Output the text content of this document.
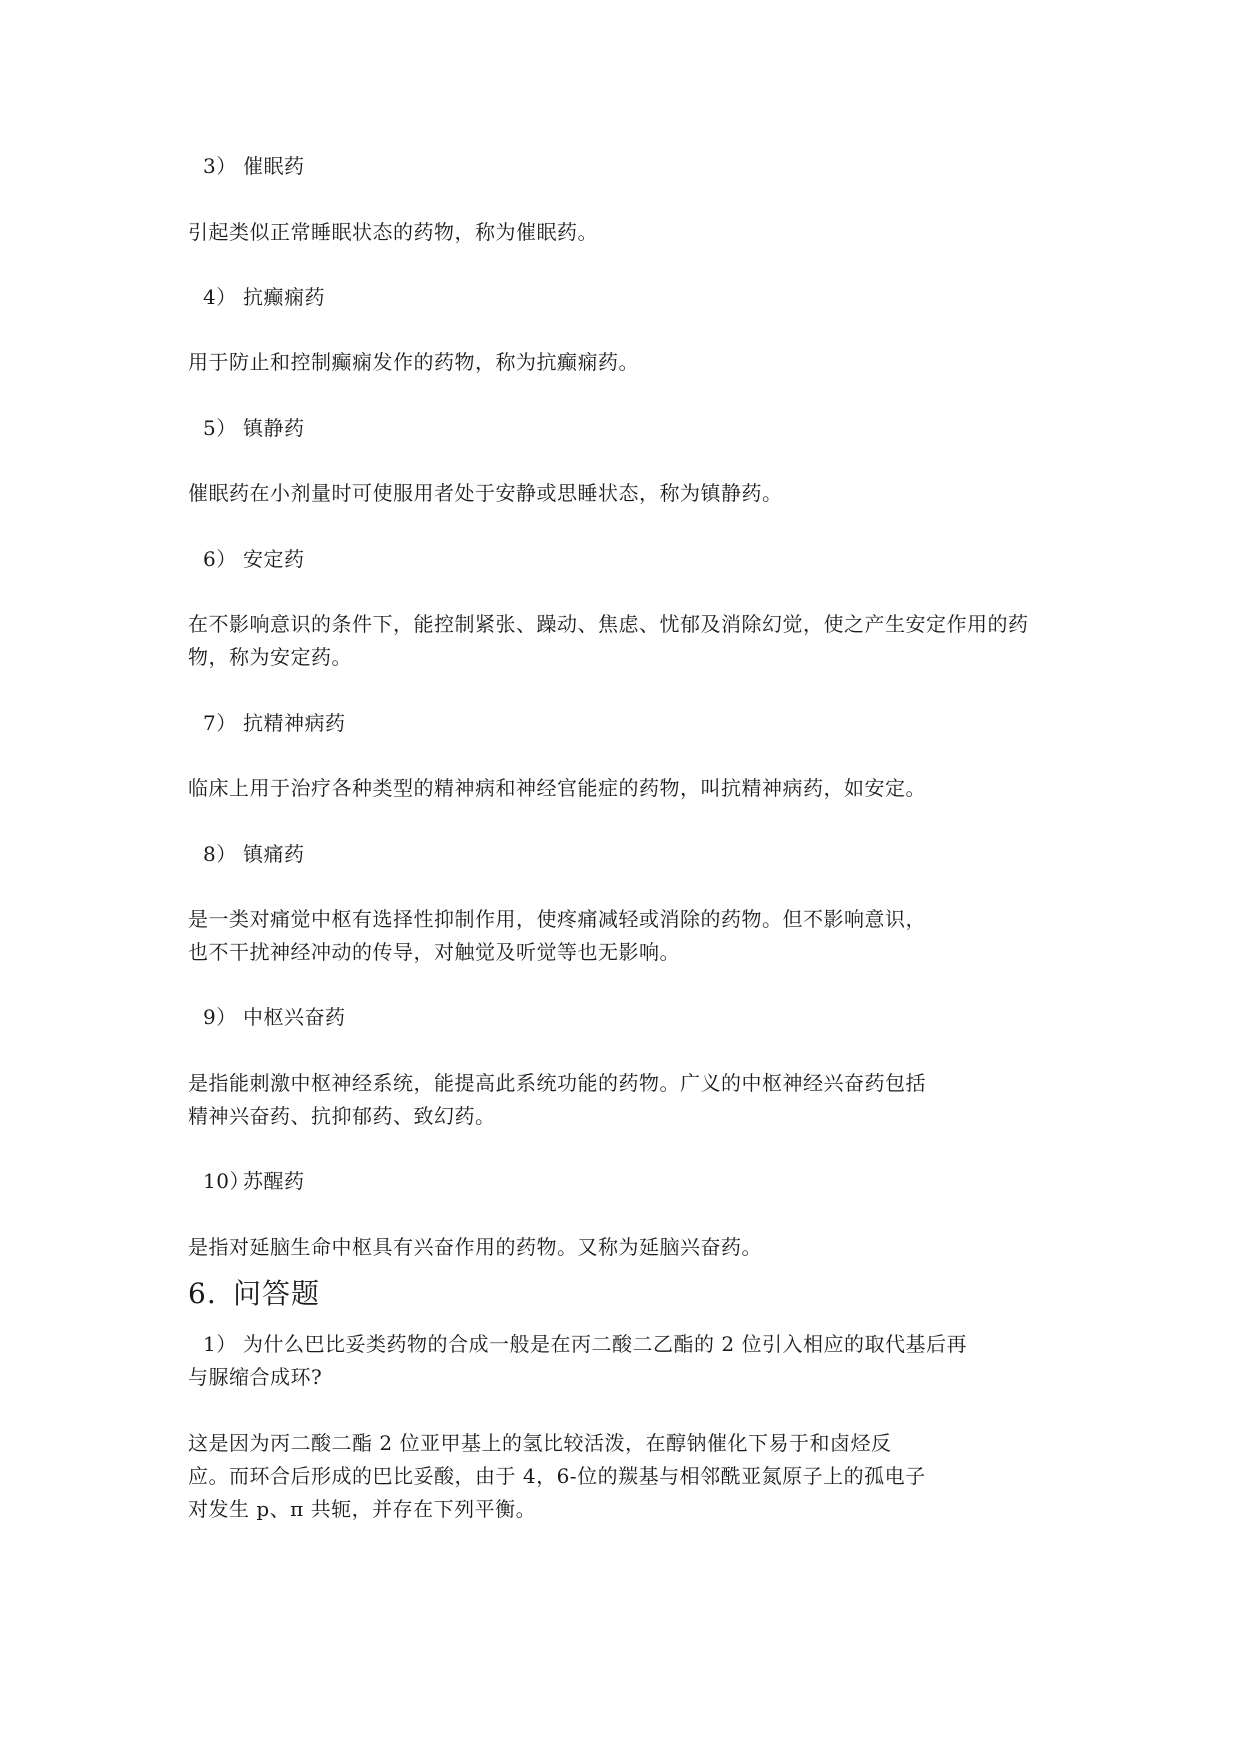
3） 催眠药
引起类似正常睡眠状态的药物，称为催眠药。
4） 抗癫痫药
用于防止和控制癫痫发作的药物，称为抗癫痫药。
5） 镇静药
催眠药在小剂量时可使服用者处于安静或思睡状态，称为镇静药。
6） 安定药
在不影响意识的条件下，能控制紧张、躁动、焦虑、忧郁及消除幻觉，使之产生安定作用的药
物，称为安定药。
7） 抗精神病药
临床上用于治疗各种类型的精神病和神经官能症的药物，叫抗精神病药，如安定。
8） 镇痛药
是一类对痛觉中枢有选择性抑制作用，使疼痛减轻或消除的药物。但不影响意识，
也不干扰神经冲动的传导，对触觉及听觉等也无影响。
9） 中枢兴奋药
是指能刺激中枢神经系统，能提高此系统功能的药物。广义的中枢神经兴奋药包括
精神兴奋药、抗抑郁药、致幻药。
10）苏醒药
是指对延脑生命中枢具有兴奋作用的药物。又称为延脑兴奋药。
6. 问答题
1） 为什么巴比妥类药物的合成一般是在丙二酸二乙酯的 2 位引入相应的取代基后再
与脲缩合成环?
这是因为丙二酸二酯 2 位亚甲基上的氢比较活泼，在醇钠催化下易于和卤烃反
应。而环合后形成的巴比妥酸，由于 4，6-位的羰基与相邻酰亚氮原子上的孤电子
对发生 p、π 共轭，并存在下列平衡。
